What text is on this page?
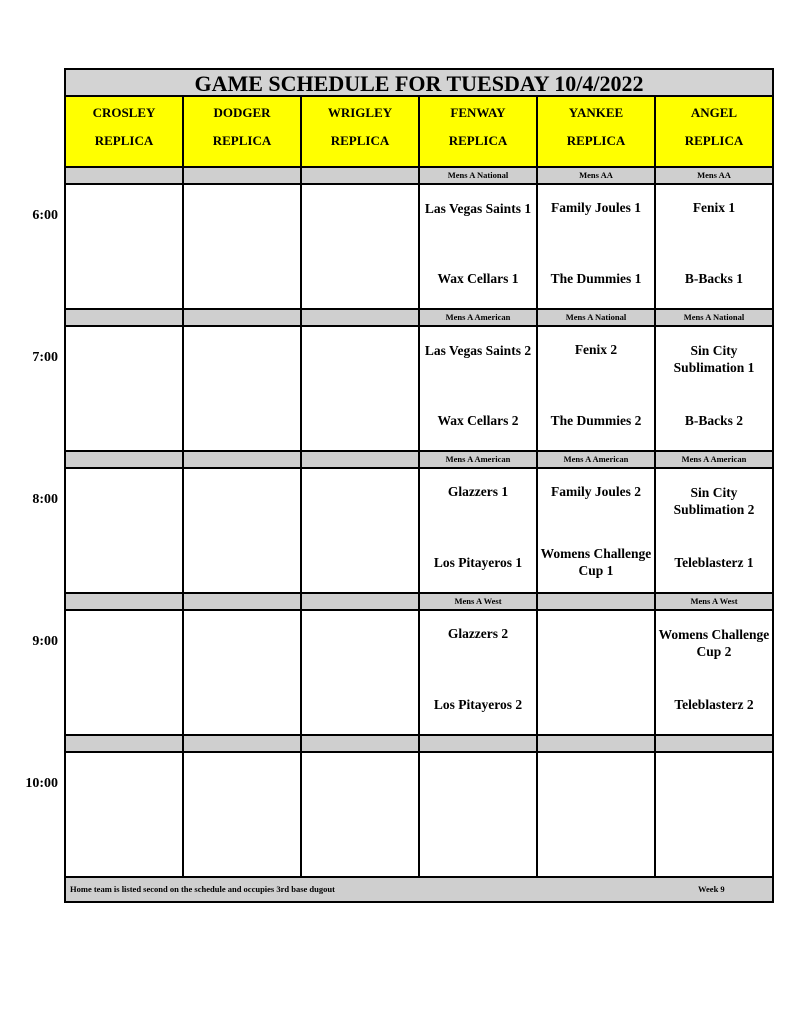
GAME SCHEDULE FOR TUESDAY 10/4/2022
CROSLEY
REPLICA
DODGER
REPLICA
WRIGLEY
REPLICA
FENWAY
REPLICA
YANKEE
REPLICA
ANGEL
REPLICA
Mens A National
Las Vegas Saints 1
Wax Cellars 1
Mens AA
Family Joules 1
The Dummies 1
Mens AA
Fenix 1
B-Backs 1
Mens A American
Las Vegas Saints 2
Wax Cellars 2
Mens A National
Fenix 2
The Dummies 2
Mens A National
Sin City Sublimation 1
B-Backs 2
Mens A American
Glazzers 1
Los Pitayeros 1
Mens A American
Family Joules 2
Womens Challenge Cup 1
Mens A American
Sin City Sublimation 2
Teleblasterz 1
Mens A West
Glazzers 2
Los Pitayeros 2
Mens A West
Womens Challenge Cup 2
Teleblasterz 2
Home team is listed second on the schedule and occupies 3rd base dugout	Week 9
6:00
7:00
8:00
9:00
10:00
